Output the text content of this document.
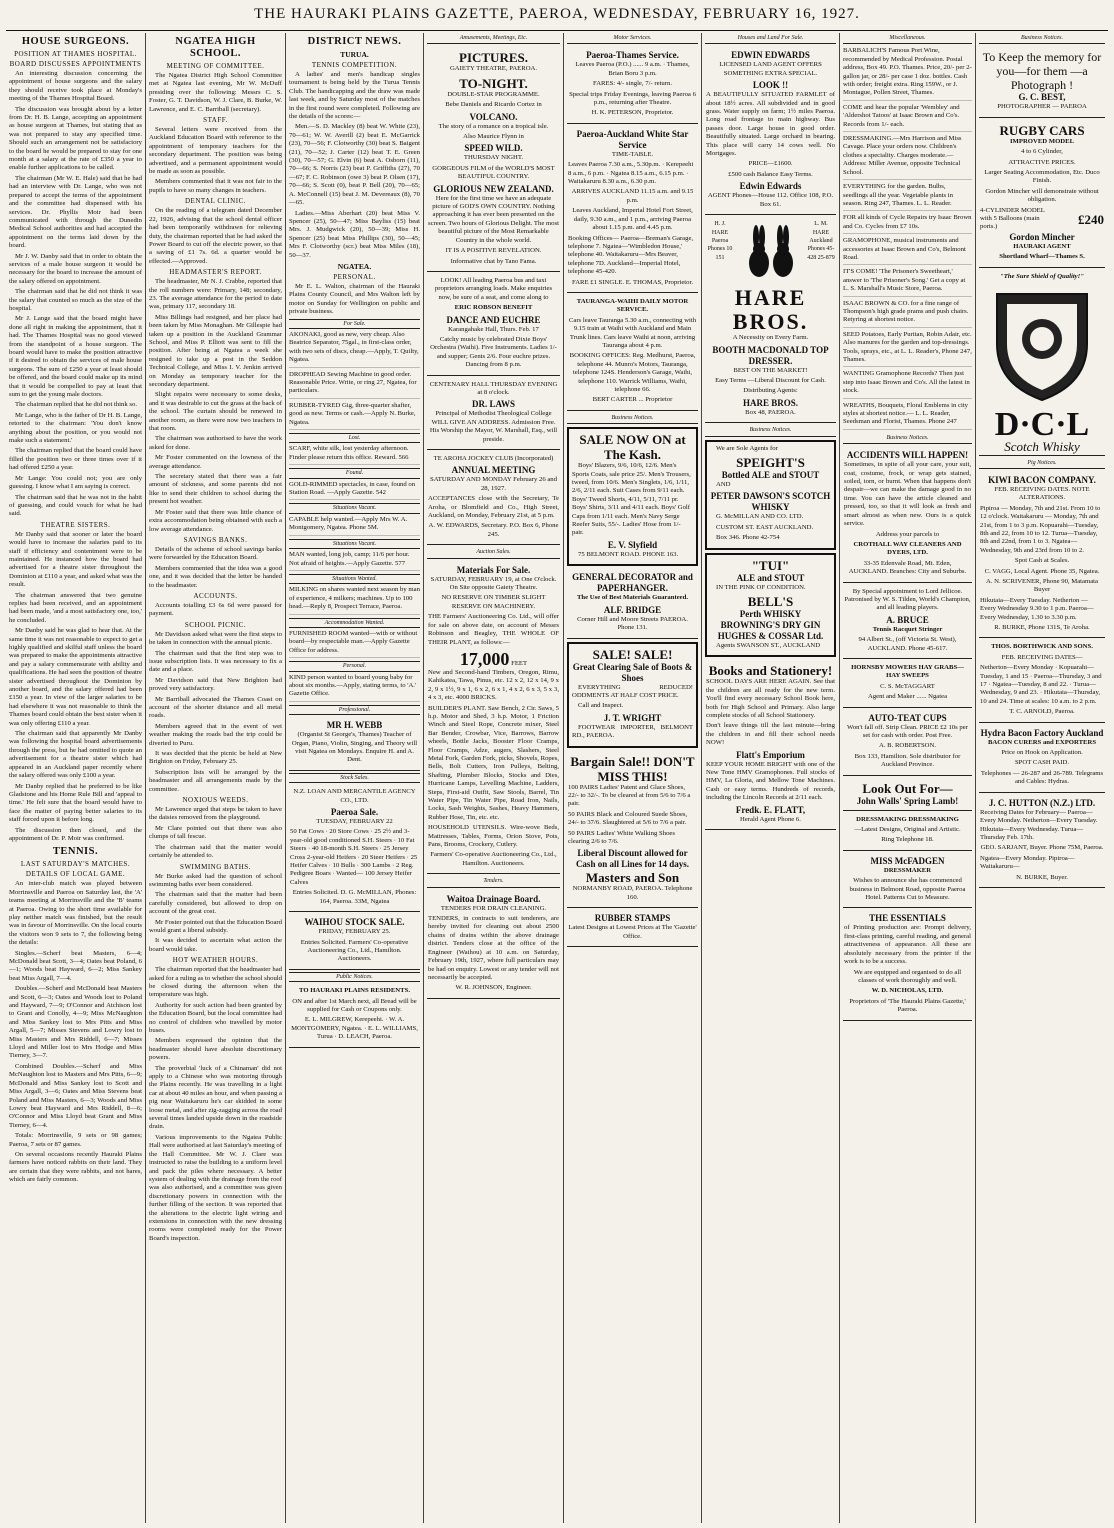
THE HAURAKI PLAINS GAZETTE, PAEROA, WEDNESDAY, FEBRUARY 16, 1927.
HOUSE SURGEONS.
POSITION AT THAMES HOSPITAL.
BOARD DISCUSSES APPOINTMENTS

An interesting discussion concerning the appointment of house surgeons and the salary they should receive took place at Monday's meeting of the Thames Hospital Board.

The discussion was brought about by a letter from Dr. H. B. Lange, accepting an appointment as house surgeon at Thames, but stating that as was not prepared to stay any specified time. Should such an arrangement not be satisfactory to the board he would be prepared to stay for one month at a salary at the rate of £350 a year to enable further applications to be called.

The chairman (Mr W. E. Hale) said that he had had an interview with Dr. Lange, who was not prepared to accept the terms of the appointment and the committee had dispensed with his services. Dr. Phyllis Moir had been communicated with through the Dunedin Medical School authorities and had accepted the appointment on the terms laid down by the board.

Mr J. W. Danby said that in order to obtain the services of a male house surgeon it would be necessary for the board to increase the amount of the salary offered on appointment.

The chairman said that he did not think it was the salary that counted so much as the size of the hospital.

Mr J. Lange said that the board might have done all right in making the appointment, that it had. The Thames Hospital was no good viewed from the standpoint of a house surgeon. The board would have to make the position attractive if it desired to obtain the services of male house surgeons. The sum of £250 a year at least should be offered, and the board could make up its mind that it would be compelled to pay at least that sum to get the young male doctors.

The chairman replied that he did not think so.

Mr Lange, who is the father of Dr H. B. Lange, retorted to the chairman: 'You don't know anything about the position, or you would not make such a statement.'

The chairman replied that the board could have filled the position two or three times over if it had offered £250 a year.

Mr Lange: You could not; you are only guessing. I know what I am saying is correct.

The chairman said that he was not in the habit of guessing, and could vouch for what he had said.

THEATRE SISTERS.

Mr Danby said that sooner or later the board would have to increase the salaries paid to its staff if efficiency and contentment were to be maintained. He instanced how the board had advertised for a theatre sister throughout the Dominion at £110 a year, and asked what was the result.

The chairman answered that two genuine replies had been received, and an appointment had been made, 'and a most satisfactory one, too,' he concluded.

Mr Danby said he was glad to hear that. At the same time it was not reasonable to expect to get a highly qualified and skilful staff unless the board was prepared to make the appointments attractive and pay a salary commensurate with ability and qualifications. He had seen the position of theatre sister advertised throughout the Dominion by another board, and the salary offered had been £150 a year. In view of the larger salaries to be had elsewhere it was not reasonable to think the Thames board could obtain the best sister when it was only offering £110 a year.

The chairman said that apparently Mr Danby was following the hospital board advertisements through the press, but he had omitted to quote an advertisement for a theatre sister which had appeared in an Auckland paper recently where the salary offered was only £100 a year.

Mr Danby replied that he preferred to be like Gladstone and his Home Rule Bill and 'appeal to time.' He felt sure that the board would have to face the matter of paying better salaries to its staff forced upon it before long.

The discussion then closed, and the appointment of Dr. P. Moir was confirmed.

TENNIS.
LAST SATURDAY'S MATCHES.
DETAILS OF LOCAL GAME.

An inter-club match was played between Morrinsville and Paeroa on Saturday last, the 'A' teams meeting at Morrinsville and the 'B' teams at Paeroa. Owing to the short time available for play neither match was finished, but the result was in favour of Morrinsville. On the local courts the visitors won 9 sets to 7, the following being the details:

Singles.—Scherf beat Masters, 6—4; McDonald beat Scott, 3—4; Oates beat Poland, 6—1; Woods beat Hayward, 6—2; Miss Sankey beat Miss Argall, 7—4.

Doubles.—Scherf and McDonald beat Masters and Scott, 6—3; Oates and Woods lost to Poland and Hayward, 7—9; O'Connor and Atchison lost to Grant and Conolly, 4—9; Miss McNaughton and Miss Sankey lost to Mrs Pitts and Miss Argall, 5—7; Misses Stevens and Lowry lost to Miss Masters and Mrs Riddell, 6—7; Misses Lloyd and Miller lost to Mrs Hodge and Miss Tierney, 3—7.

Combined Doubles.—Scherf and Miss McNaughton lost to Masters and Mrs Pitts, 6—9; McDonald and Miss Sankey lost to Scott and Miss Argall, 3—6; Oates and Miss Stevens beat Poland and Miss Masters, 6—3; Woods and Miss Lowry beat Hayward and Mrs Riddell, 8—6; O'Connor and Miss Lloyd beat Grant and Miss Tierney, 6—4.

Totals: Morrinsville, 9 sets or 98 games; Paeroa, 7 sets or 87 games.

On several occasions recently Hauraki Plains farmers have noticed rabbits on their land. They are certain that they were rabbits, and not hares, which are fairly common.

NGATEA HIGH SCHOOL.
MEETING OF COMMITTEE.

The Ngatea District High School Committee met at Ngatea last evening, Mr W. McDuff presiding over the following: Messrs C. S. Foster, G. T. Davidson, W. J. Clare, B. Burke, W. Lawrence, and E. C. Barriball (secretary).

STAFF.

Several letters were received from the Auckland Education Board with reference to the appointment of temporary teachers for the secondary department. The position was being advertised, and a permanent appointment would be made as soon as possible.

Members commented that it was not fair to the pupils to have so many changes in teachers.

DENTAL CLINIC.

On the reading of a telegram dated December 22, 1926, advising that the school dental officer had been temporarily withdrawn for relieving duty, the chairman reported that he had asked the Power Board to cut off the electric power, so that a saving of £1 7s. 6d. a quarter would be effected.—Approved.

HEADMASTER'S REPORT.

The headmaster, Mr N. J. Crabbe, reported that the roll numbers were: Primary, 148; secondary, 23. The average attendance for the period to date was, primary 117, secondary 18.

Miss Billings had resigned, and her place had been taken by Miss Monaghan. Mr Gillespie had taken up a position in the Auckland Grammar School, and Miss P. Elliott was sent to fill the position. After being at Ngatea a week she resigned to take up a post in the Seddon Technical College, and Miss I. V. Jenkin arrived on Monday as temporary teacher for the secondary department.

Slight repairs were necessary to some desks, and it was desirable to cut the grass at the back of the school. The curtain should be renewed in another room, as there were now two teachers in that room.

The chairman was authorised to have the work asked for done.

Mr Foster commented on the lowness of the average attendance.

The secretary stated that there was a fair amount of sickness, and some parents did not like to send their children to school during the present hot weather.

Mr Foster said that there was little chance of extra accommodation being obtained with such a low average attendance.

SAVINGS BANKS.

Details of the scheme of school savings banks were forwarded by the Education Board.

Members commented that the idea was a good one, and it was decided that the letter be handed to the headmaster.

ACCOUNTS.

Accounts totalling £3 6s 6d were passed for payment.

SCHOOL PICNIC.

Mr Davidson asked what were the first steps to be taken in connection with the annual picnic.

The chairman said that the first step was to issue subscription lists. It was necessary to fix a date and a place.

Mr Davidson said that New Brighton had proved very satisfactory.

Mr Barriball advocated the Thames Coast on account of the shorter distance and all metal roads.

Members agreed that in the event of wet weather making the roads bad the trip could be diverted to Puru.

It was decided that the picnic be held at New Brighton on Friday, February 25.

Subscription lists will be arranged by the headmaster and all arrangements made by the committee.

NOXIOUS WEEDS.

Mr Lawrence urged that steps be taken to have the daisies removed from the playground.

Mr Clare pointed out that there was also clumps of tall fescue.

The chairman said that the matter would certainly be attended to.

SWIMMING BATHS.

Mr Burke asked had the question of school swimming baths ever been considered.

The chairman said that the matter had been carefully considered, but allowed to drop on account of the great cost.

Mr Foster pointed out that the Education Board would grant a liberal subsidy.

It was decided to ascertain what action the board would take.

HOT WEATHER HOURS.

The chairman reported that the headmaster had asked for a ruling as to whether the school should be closed during the afternoon when the temperature was high.

Authority for such action had been granted by the Education Board, but the local committee had no control of children who travelled by motor buses.

Members expressed the opinion that the headmaster should have absolute discretionary powers.

The proverbial 'luck of a Chinaman' did not apply to a Chinese who was motoring through the Plains recently. He was travelling in a light car at about 40 miles an hour, and when passing a pig near Waitakaruru he's car skidded in some loose metal, and after zig-zagging across the road several times landed upside down in the roadside drain.

Various improvements to the Ngatea Public Hall were authorised at last Saturday's meeting of the Hall Committee. Mr W. J. Clare was instructed to raise the building to a uniform level and pack the piles where necessary. A better system of dealing with the drainage from the roof was also authorised, and a committee was given discretionary powers in connection with the further filling of the section. It was reported that the alterations to the electric light wiring and extensions in connection with the new dressing rooms were completed ready for the Power Board's inspection.

DISTRICT NEWS.
TURUA.
TENNIS COMPETITION.

A ladies' and men's handicap singles tournament is being held by the Turua Tennis Club. The handicapping and the draw was made last week, and by Saturday most of the matches in the first round were completed. Following are the details of the scores:—

Men.—S. D. Mackley (8) beat W. White (23), 70—61; W. W. Averill (2) beat E. McGarrick (23), 70—56; F. Clotworthy (30) beat S. Baigent (21), 70—52; J. Carter (12) beat T. E. Green (30), 70—57; G. Elvin (6) beat A. Osborn (11), 70—66; S. Norris (23) beat P. Griffiths (27), 70—67; F. C. Robinson (owe 3) beat P. Olsen (17), 70—66; S. Scott (0), beat P. Bell (20), 70—65; A. McConnell (15) beat J. M. Devereaux (8), 70—65.

Ladies.—Miss Aberhart (20) beat Miss V. Spencer (25), 50—47; Miss Bayliss (15) beat Mrs. J. Mudgwick (20), 50—39; Miss H. Spencer (25) beat Miss Phillips (30), 50—45; Mrs F. Clotworthy (scr.) beat Miss Miles (18), 50—37.

NGATEA.
PERSONAL.

Mr E. L. Walton, chairman of the Hauraki Plains County Council, and Mrs Walton left by motor on Sunday for Wellington on public and private business.

For Sale.

AKONAKI, good as new, very cheap. Also Beatrice Separator, 75gal., in first-class order, with two sets of discs, cheap.—Apply, T. Quilty, Ngatea.

DROPHEAD Sewing Machine in good order. Reasonable Price. Write, or ring 27, Ngatea, for particulars.

RUBBER-TYRED Gig, three-quarter shafter, good as new. Terms or cash.—Apply N. Burke, Ngatea.

Lost.

SCARF, white silk, lost yesterday afternoon. Finder please return this office. Reward. 566

Found.

GOLD-RIMMED spectacles, in case, found on Station Road. —Apply Gazette. 542

Situations Vacant.

CAPABLE help wanted.—Apply Mrs W. A. Montgomery, Ngatea. Phone 5M.

Situations Vacant.

MAN wanted, long job, camp; 11/6 per hour. Not afraid of heights.—Apply Gazette. 577

Situations Wanted.

MILKING on shares wanted next season by man of experience, 4 milkers; machines. Up to 100 head.—Reply 8, Prospect Terrace, Paeroa.

Accommodation Wanted.

FURNISHED ROOM wanted—with or without board—by respectable man.—Apply Gazette Office for address.

Personal.

KIND person wanted to board young baby for about six months.—Apply, stating terms, to 'A.' Gazette Office.

Professional.
MR H. WEBB

(Organist St George's, Thames) Teacher of Organ, Piano, Violin, Singing, and Theory will visit Ngatea on Mondays. Enquire H. and A. Dent.

Stock Sales.

N.Z. LOAN AND MERCANTILE AGENCY CO., LTD.

Paeroa Sale.

TUESDAY, FEBRUARY 22

50 Fat Cows · 20 Store Cows · 25 2½ and 3-year-old good conditioned S.H. Steers · 10 Fat Steers · 40 18-month S.H. Steers · 25 Jersey Cross 2-year-old Heifers · 20 Steer Heifers · 25 Heifer Calves · 10 Bulls · 300 Lambs · 2 Reg. Pedigree Boars · Wanted— 100 Jersey Heifer Calves

Entries Solicited. D. G. McMILLAN, Phones: 164, Paeroa. 33M, Ngatea

WAIHOU STOCK SALE.

FRIDAY, FEBRUARY 25.

Entries Solicited. Farmers' Co-operative Auctioneering Co., Ltd., Hamilton. Auctioneers.

Public Notices.

TO HAURAKI PLAINS RESIDENTS.

ON and after 1st March next, all Bread will be supplied for Cash or Coupons only.

E. L. MILGREW, Kerepeehi. · W. A. MONTGOMERY, Ngatea. · E. L. WILLIAMS, Turua · D. LEACH, Paeroa.

Amusements, Meetings, Etc.
PICTURES.

GAIETY THEATRE, PAEROA.

TO-NIGHT.

DOUBLE-STAR PROGRAMME.

Bebe Daniels and Ricardo Cortez in

VOLCANO.

The story of a romance on a tropical isle.

Also Maurice Flynn in

SPEED WILD.

THURSDAY NIGHT.

GORGEOUS FILM of the WORLD'S MOST BEAUTIFUL COUNTRY.

GLORIOUS NEW ZEALAND.

Here for the first time we have an adequate picture of GOD'S OWN COUNTRY. Nothing approaching it has ever been presented on the screen. Two hours of Glorious Delight. The most beautiful picture of the Most Remarkable Country in the whole world.

IT IS A POSITIVE REVELATION.

Informative chat by Tano Fama.

LOOK! All leading Paeroa bus and taxi proprietors arranging loads. Make enquiries now, be sure of a seat, and come along to

ERIC ROBSON BENEFIT

DANCE AND EUCHRE

Karangahake Hall, Thurs. Feb. 17

Catchy music by celebrated Dixie Boys' Orchestra (Waihi). Five Instruments. Ladies 1/- and supper; Gents 2/6. Four euchre prizes. Dancing from 8 p.m.

CENTENARY HALL THURSDAY EVENING at 8 o'clock.

DR. LAWS

Principal of Methodist Theological College WILL GIVE AN ADDRESS. Admission Free. His Worship the Mayor, W. Marshall, Esq., will preside.

TE AROHA JOCKEY CLUB (Incorporated)

ANNUAL MEETING

SATURDAY AND MONDAY February 26 and 28, 1927.

ACCEPTANCES close with the Secretary, Te Aroha, or Blomfield and Co., High Street, Auckland, on Monday, February 21st, at 5 p.m.

A. W. EDWARDS, Secretary. P.O. Box 6, Phone 245.

Auction Sales.
Materials For Sale.

SATURDAY, FEBRUARY 19, at One O'clock. On Site opposite Gaiety Theatre.

NO RESERVE ON TIMBER SLIGHT RESERVE ON MACHINERY.

THE Farmers' Auctioneering Co. Ltd., will offer for sale on above date, on account of Messrs Robinson and Beagley, THE WHOLE OF THEIR PLANT, as follows:—

17,000 FEET

New and Second-hand Timbers, Oregon, Rimu, Kahikatea, Tawa, Pinus, etc. 12 x 2, 12 x 14, 9 x 2, 9 x 1½, 9 x 1, 6 x 2, 6 x 1, 4 x 2, 6 x 3, 5 x 3, 4 x 3, etc. 4000 BRICKS.

BUILDER'S PLANT. Saw Bench, 2 Cir. Saws, 5 h.p. Motor and Shed, 3 h.p. Motor, 1 Friction Winch and Steel Rope, Concrete mixer, Steel Bar Bender, Crowbar, Vice, Barrows, Barrow wheels, Bottle Jacks, Booster Floor Cramps, Floor Cramps, Adze, augers, Slashers, Steel Metal Fork, Garden Fork, picks, Shovels, Ropes, Bells, Bolt Cutters, Iron Pulleys, Belting, Shafting, Plumber Blocks, Stocks and Dies, Hurricane Lamps, Levelling Machine, Ladders, Steps, First-aid Outfit, Saw Stools, Barrel, Tin Water Pipe, Tin Water Pipe, Road Iron, Nails, Locks, Sash Weights, Sashes, Heavy Hammers, Rubber Hose, Tin, etc. etc.

HOUSEHOLD UTENSILS. Wire-wove Beds, Mattresses, Tables, Forms, Orion Stove, Pots, Pans, Brooms, Crockery, Cutlery.

Farmers' Co-operative Auctioneering Co., Ltd., Hamilton. Auctioneers.

Tenders.
Waitoa Drainage Board.

TENDERS FOR DRAIN CLEANING.

TENDERS, in contracts to suit tenderers, are hereby invited for cleaning out about 2500 chains of drains within the above drainage district. Tenders close at the office of the Engineer (Waihou) at 10 a.m. on Saturday, February 19th, 1927, where full particulars may be had on enquiry. Lowest or any tender will not necessarily be accepted.

W. R. JOHNSON, Engineer.

Motor Services.
Paeroa-Thames Service.

Leaves Paeroa (P.O.) ...... 9 a.m. · Thames, Brian Boru 3 p.m.

FARES: 4/- single, 7/- return.

Special trips Friday Evenings, leaving Paeroa 6 p.m., returning after Theatre.

H. K. PETERSON, Proprietor.

Paeroa-Auckland White Star Service

TIME-TABLE.

Leaves Paeroa 7.30 a.m., 5.30p.m. · Kerepeehi 8 a.m., 6 p.m. · Ngatea 8.15 a.m., 6.15 p.m. · Waitakaruru 8.30 a.m., 6.30 p.m.

ARRIVES AUCKLAND 11.15 a.m. and 9.15 p.m.

Leaves Auckland, Imperial Hotel Fort Street, daily, 9.30 a.m., and 1 p.m., arriving Paeroa about 1.15 p.m. and 4.45 p.m.

Booking Offices— Paeroa—Breman's Garage, telephone 7. Ngatea—'Wimbledon House,' telephone 40. Waitakaruru—Mrs Beaver, telephone 7D. Auckland—Imperial Hotel, telephone 45-420.

FARE £1 SINGLE. E. THOMAS, Proprietor.

TAURANGA-WAIHI DAILY MOTOR SERVICE.

Cars leave Tauranga 5.30 a.m., connecting with 9.15 train at Waihi with Auckland and Main Trunk lines. Cars leave Waihi at noon, arriving Tauranga about 4 p.m.

BOOKING OFFICES: Reg. Medhurst, Paeroa, telephone 44. Munro's Motors, Tauranga, telephone 124S. Henderson's Garage, Waihi, telephone 110. Warrick Williams, Waihi, telephone 66.

BERT CARTER ... Proprietor

Business Notices.
SALE NOW ON at The Kash.

Boys' Blazers, 9/6, 10/6, 12/6. Men's Sports Coats, sale price 25/. Men's Trousers, tweed, from 10/6. Men's Singlets, 1/6, 1/11, 2/6, 2/11 each. Suit Cases from 9/11 each. Boys' Tweed Shorts, 4/11, 5/11, 7/11 pr. Boys' Shirts, 3/11 and 4/11 each. Boys' Golf Caps from 1/11 each. Men's Navy Serge Reefer Suits, 55/-. Ladies' Hose from 1/- pair.

E. V. Slyfield

75 BELMONT ROAD. PHONE 163.

GENERAL DECORATOR and PAPERHANGER.

The Use of Best Materials Guaranteed.

ALF. BRIDGE

Corner Hill and Moore Streets PAEROA. Phone 131.

SALE! SALE!
Great Clearing Sale of Boots & Shoes

EVERYTHING REDUCED! ODDMENTS AT HALF COST PRICE.

Call and Inspect.

J. T. WRIGHT

FOOTWEAR IMPORTER, BELMONT RD., PAEROA.

Bargain Sale!! DON'T MISS THIS!

100 PAIRS Ladies' Patent and Glace Shoes, 22/- to 32/-. To be cleared at from 5/6 to 7/6 a pair.

50 PAIRS Black and Coloured Suede Shoes, 24/- to 37/6. Slaughtered at 5/6 to 7/6 a pair.

50 PAIRS Ladies' White Walking Shoes clearing 2/6 to 7/6.

Liberal Discount allowed for Cash on all Lines for 14 days.
Masters and Son

NORMANBY ROAD, PAEROA. Telephone 160.

RUBBER STAMPS

Latest Designs at Lowest Prices at The 'Gazette' Office.

Houses and Land For Sale.
EDWIN EDWARDS

LICENSED LAND AGENT OFFERS SOMETHING EXTRA SPECIAL.

LOOK !!

A BEAUTIFULLY SITUATED FARMLET of about 18½ acres. All subdivided and in good grass. Water supply on farm; 1½ miles Paeroa. Long road frontage to main highway. Bus passes door. Large house in good order. Beautifully situated. Large orchard in bearing. This place will carry 14 cows well. No Mortgages.

PRICE—£1600.

£500 cash Balance Easy Terms.

Edwin Edwards

AGENT Phones—House 112. Office 108, P.O. Box 61.

H. J. HARE Paeroa Phones 10 151
L. M. HARE Auckland Phones 45-428 25-879
HARE BROS.

A Necessity on Every Farm.

BOOTH MACDONALD TOP DRESSER.

BEST ON THE MARKET!

Easy Terms —Liberal Discount for Cash.

Distributing Agents:

HARE BROS.

Box 48, PAEROA.

Business Notices.

We are Sole Agents for

SPEIGHT'S
Bottled ALE and STOUT

AND

PETER DAWSON'S SCOTCH WHISKY

G. McMILLAN AND CO. LTD.

CUSTOM ST. EAST AUCKLAND.

Box 346. Phone 42-754

"TUI"
ALE and STOUT

IN THE PINK OF CONDITION.

BELL'S
Perth WHISKY
BROWNING'S DRY GIN
HUGHES & COSSAR Ltd.

Agents SWANSON ST., AUCKLAND

Books and Stationery!

SCHOOL DAYS ARE HERE AGAIN. See that the children are all ready for the new term. You'll find every necessary School Book here, both for High School and Primary. Also large complete stocks of all School Stationery.

Don't leave things till the last minute—bring the children in and fill their school needs NOW!

Flatt's Emporium

KEEP YOUR HOME BRIGHT with one of the New Tone HMV Gramophones. Full stocks of HMV, La Gloria, and Mellow Tone Machines. Cash or easy terms. Hundreds of records, including the Lincoln Records at 2/11 each.

Fredk. E. FLATT,

Herald Agent Phone 6.

Miscellaneous.

BARBALICH'S Famous Port Wine, recommended by Medical Profession. Postal address, Box 49. P.O. Thames. Price, 20/- per 2-gallon jar, or 28/- per case 1 doz. bottles. Cash with order; freight extra. Ring 159W., or J. Montague, Pollen Street, Thames.

COME and hear the popular 'Wembley' and 'Aldershot Tatoos' at Isaac Brown and Co's. Records from 1/- each.

DRESSMAKING.—Mrs Harrison and Miss Cavage. Place your orders now. Children's clothes a speciality. Charges moderate.—Address: Miller Avenue, opposite Technical School.

EVERYTHING for the garden. Bulbs, seedlings all the year. Vegetable plants in season. Ring 247, Thames. L. L. Reader.

FOR all kinds of Cycle Repairs try Isaac Brown and Co. Cycles from £7 10s.

GRAMOPHONE, musical instruments and accessories at Isaac Brown and Co's, Belmont Road.

IT'S COME! 'The Prisoner's Sweetheart,' answer to 'The Prisoner's Song.' Get a copy at L. S. Marshall's Music Store, Paeroa.

ISAAC BROWN & CO. for a fine range of Thompson's high grade prams and push chairs. Retyring at shortest notice.

SEED Potatoes, Early Puritan, Robin Adair, etc. Also manures for the garden and top-dressings. Tools, sprays, etc., at L. L. Reader's, Phone 247, Thames.

WANTING Gramophone Records? Then just step into Isaac Brown and Co's. All the latest in stock.

WREATHS, Bouquets, Floral Emblems in city styles at shortest notice.— L. L. Reader, Seedsman and Florist, Thames. Phone 247

Business Notices.
ACCIDENTS WILL HAPPEN!

Sometimes, in spite of all your care, your suit, coat, costume, frock, or wrap gets stained, soiled, torn, or burnt. When that happens don't despair—we can make the damage good in no time. You can have the article cleaned and pressed, too, so that it will look as fresh and smart almost as when new. Ours is a quick service.

Address your parcels to

CROTHALL WAY CLEANERS AND DYERS, LTD.

33-35 Edenvale Road, Mt. Eden, AUCKLAND. Branches: City and Suburbs.

By Special appointment to Lord Jellicoe. Patronised by W. S. Tilden, World's Champion, and all leading players.

A. BRUCE

Tennis Racquet Stringer

94 Albert St., (off Victoria St. West), AUCKLAND. Phone 45-617.

HORNSBY MOWERS HAY GRABS—HAY SWEEPS

C. S. McTAGGART

Agent and Maker ...... Ngatea

AUTO-TEAT CUPS

Won't fall off. Strip Clean. PRICE £2 10s per set for cash with order. Post Free.

A. B. ROBERTSON.

Box 133, Hamilton. Sole distributor for Auckland Province.

Look Out For—
John Walls' Spring Lamb!

DRESSMAKING DRESSMAKING

—Latest Designs, Original and Artistic.

Ring Telephone 18.

MISS McFADGEN

DRESSMAKER

Wishes to announce she has commenced business in Belmont Road, opposite Paeroa Hotel. Patterns Cut to Measure.

THE ESSENTIALS

of Printing production are: Prompt delivery, first-class printing, careful reading, and general attractiveness of appearance. All these are absolutely necessary from the printer if the work is to be a success.

We are equipped and organised to do all classes of work thoroughly and well.

W. D. NICHOLAS, LTD.

Proprietors of 'The Hauraki Plains Gazette,' Paeroa.

Business Notices.
To Keep the memory for you—for them —a Photograph !
G. C. BEST,

PHOTOGRAPHER — PAEROA

RUGBY CARS

IMPROVED MODEL

4 to 6 Cylinder,

ATTRACTIVE PRICES.

Larger Seating Accommodation, Etc. Duco Finish.

Gordon Mincher will demonstrate without obligation.

4-CYLINDER MODEL with 5 Balloons (main ports.)
£240
Gordon Mincher

HAURAKI AGENT

Shortland Wharf—Thames S.

"The Sure Shield of Quality!"

D·C·L
Scotch Whisky
Pig Notices.
KIWI BACON COMPANY.

FEB. RECEIVING DATES. NOTE ALTERATIONS.

Pipiroa — Monday, 7th and 21st. From 10 to 12 o'clock. Waitakaruru — Monday, 7th and 21st, from 1 to 3 p.m. Kopuarahi—Tuesday, 8th and 22, from 10 to 12. Turua—Tuesday, 8th and 22nd, from 1 to 3. Ngatea—Wednesday, 9th and 23rd from 10 to 2.

Spot Cash at Scales.

C. VAGG, Local Agent. Phone 35, Ngatea.

A. N. SCRIVENER, Phone 90, Matamata Buyer

Hikutaia—Every Tuesday. Netherton — Every Wednesday 9.30 to 1 p.m. Paeroa—Every Wednesday, 1.30 to 3.30 p.m.

R. BURKE, Phone 131S, Te Aroha.

THOS. BORTHWICK AND SONS.

FEB. RECEIVING DATES—

Netherton—Every Monday · Kopuarahi—Tuesday, 1 and 15 · Paeroa—Thursday, 3 and 17 · Ngatea—Tuesday, 8 and 22. · Turua—Wednesday, 9 and 23. · Hikutaia—Thursday, 10 and 24. Time at scales: 10 a.m. to 2 p.m.

T. C. ARNOLD, Paeroa.

Hydra Bacon Factory Auckland

BACON CURERS and EXPORTERS

Price on Hook on Application.

SPOT CASH PAID.

Telephones — 26-287 and 26-789. Telegrams and Cables: Hydras.

J. C. HUTTON (N.Z.) LTD.

Receiving Dates for February— Paeroa—Every Monday. Netherton—Every Tuesday. Hikutaia—Every Wednesday. Turua—Thursday Feb. 17th.

GEO. SARJANT, Buyer. Phone 75M, Paeroa.

Ngatea—Every Monday. Pipiroa— Waitakaruru—

N. BURKE, Buyer.
